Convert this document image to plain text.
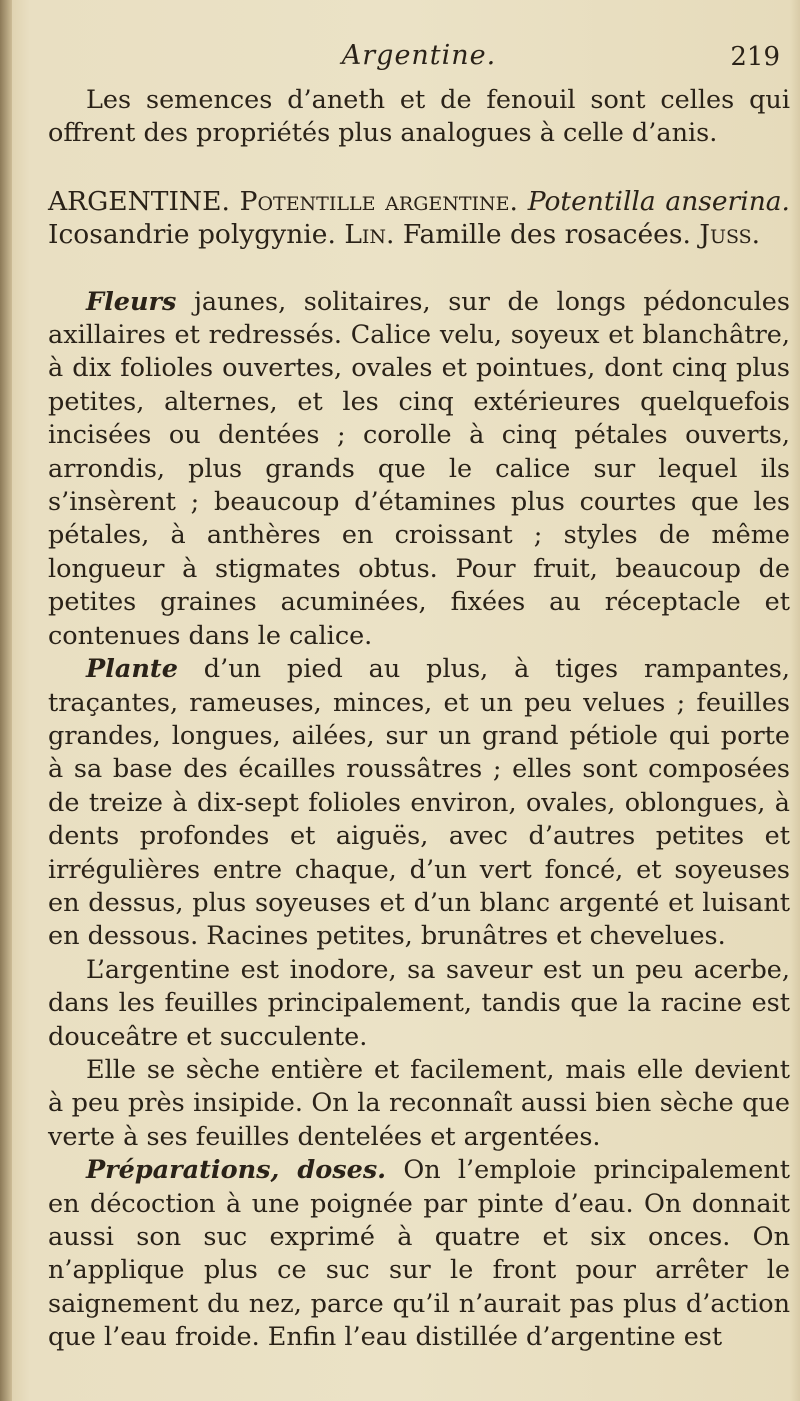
Argentine.	219

Les semences d’aneth et de fenouil sont celles qui offrent des propriétés plus analogues à celle d’anis.

ARGENTINE. Potentille argentine. Potentilla anserina. Icosandrie polygynie. Lin. Famille des rosacées. Juss.

Fleurs jaunes, solitaires, sur de longs pédoncules axillaires et redressés. Calice velu, soyeux et blanchâtre, à dix folioles ouvertes, ovales et pointues, dont cinq plus petites, alternes, et les cinq extérieures quelquefois incisées ou dentées ; corolle à cinq pétales ouverts, arrondis, plus grands que le calice sur lequel ils s’insèrent ; beaucoup d’étamines plus courtes que les pétales, à anthères en croissant ; styles de même longueur à stigmates obtus. Pour fruit, beaucoup de petites graines acuminées, fixées au réceptacle et contenues dans le calice.

Plante d’un pied au plus, à tiges rampantes, traçantes, rameuses, minces, et un peu velues ; feuilles grandes, longues, ailées, sur un grand pétiole qui porte à sa base des écailles roussâtres ; elles sont composées de treize à dix-sept folioles environ, ovales, oblongues, à dents profondes et aiguës, avec d’autres petites et irrégulières entre chaque, d’un vert foncé, et soyeuses en dessus, plus soyeuses et d’un blanc argenté et luisant en dessous. Racines petites, brunâtres et chevelues.

L’argentine est inodore, sa saveur est un peu acerbe, dans les feuilles principalement, tandis que la racine est douceâtre et succulente.

Elle se sèche entière et facilement, mais elle devient à peu près insipide. On la reconnaît aussi bien sèche que verte à ses feuilles dentelées et argentées.

Préparations, doses. On l’emploie principalement en décoction à une poignée par pinte d’eau. On donnait aussi son suc exprimé à quatre et six onces. On n’applique plus ce suc sur le front pour arrêter le saignement du nez, parce qu’il n’aurait pas plus d’action que l’eau froide. Enfin l’eau distillée d’argentine est
